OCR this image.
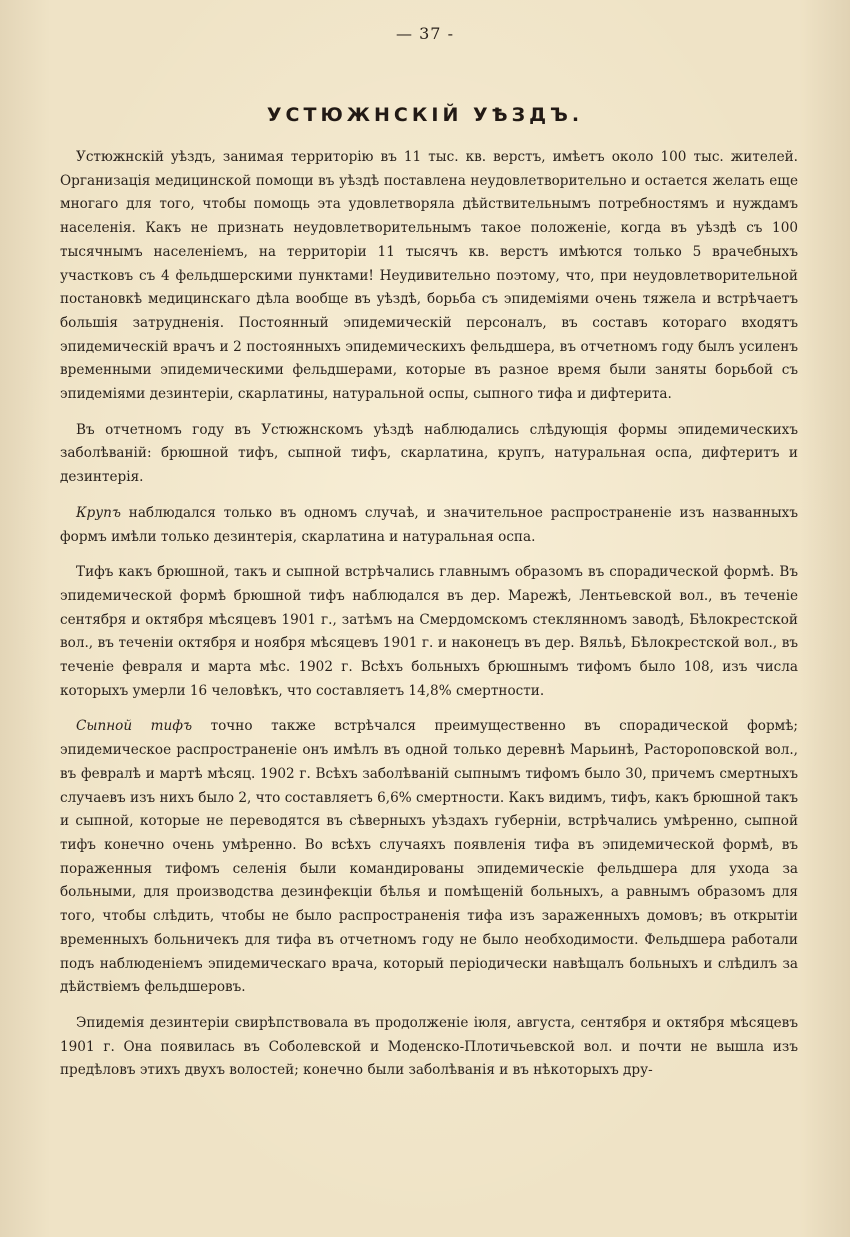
— 37 -
УСТЮЖНСКІЙ УѢЗДЪ.

Устюжнскій уѣздъ, занимая территорію въ 11 тыс. кв. верстъ, имѣетъ около 100 тыс. жителей. Организація медицинской помощи въ уѣздѣ поставлена неудовлетворительно и остается желать еще многаго для того, чтобы помощь эта удовлетворяла дѣйствительнымъ потребностямъ и нуждамъ населенія. Какъ не признать неудовлетворительнымъ такое положеніе, когда въ уѣздѣ съ 100 тысячнымъ населеніемъ, на территоріи 11 тысячъ кв. верстъ имѣются только 5 врачебныхъ участковъ съ 4 фельдшерскими пунктами! Неудивительно поэтому, что, при неудовлетворительной постановкѣ медицинскаго дѣла вообще въ уѣздѣ, борьба съ эпидеміями очень тяжела и встрѣчаетъ большія затрудненія. Постоянный эпидемическій персоналъ, въ составъ котораго входятъ эпидемическій врачъ и 2 постоянныхъ эпидемическихъ фельдшера, въ отчетномъ году былъ усиленъ временными эпидемическими фельдшерами, которые въ разное время были заняты борьбой съ эпидеміями дезинтеріи, скарлатины, натуральной оспы, сыпного тифа и дифтерита.

Въ отчетномъ году въ Устюжнскомъ уѣздѣ наблюдались слѣдующія формы эпидемическихъ заболѣваній: брюшной тифъ, сыпной тифъ, скарлатина, крупъ, натуральная оспа, дифтеритъ и дезинтерія.

Крупъ наблюдался только въ одномъ случаѣ, и значительное распространеніе изъ названныхъ формъ имѣли только дезинтерія, скарлатина и натуральная оспа.

Тифъ какъ брюшной, такъ и сыпной встрѣчались главнымъ образомъ въ спорадической формѣ. Въ эпидемической формѣ брюшной тифъ наблюдался въ дер. Марежѣ, Лентьевской вол., въ теченіе сентября и октября мѣсяцевъ 1901 г., затѣмъ на Смердомскомъ стеклянномъ заводѣ, Бѣлокрестской вол., въ теченіи октября и ноября мѣсяцевъ 1901 г. и наконецъ въ дер. Вяльѣ, Бѣлокрестской вол., въ теченіе февраля и марта мѣс. 1902 г. Всѣхъ больныхъ брюшнымъ тифомъ было 108, изъ числа которыхъ умерли 16 человѣкъ, что составляетъ 14,8% смертности.

Сыпной тифъ точно также встрѣчался преимущественно въ спорадической формѣ; эпидемическое распространеніе онъ имѣлъ въ одной только деревнѣ Марьинѣ, Растороповской вол., въ февралѣ и мартѣ мѣсяц. 1902 г. Всѣхъ заболѣваній сыпнымъ тифомъ было 30, причемъ смертныхъ случаевъ изъ нихъ было 2, что составляетъ 6,6% смертности. Какъ видимъ, тифъ, какъ брюшной такъ и сыпной, которые не переводятся въ сѣверныхъ уѣздахъ губерніи, встрѣчались умѣренно, сыпной тифъ конечно очень умѣренно. Во всѣхъ случаяхъ появленія тифа въ эпидемической формѣ, въ пораженныя тифомъ селенія были командированы эпидемическіе фельдшера для ухода за больными, для производства дезинфекціи бѣлья и помѣщеній больныхъ, а равнымъ образомъ для того, чтобы слѣдить, чтобы не было распространенія тифа изъ зараженныхъ домовъ; въ открытіи временныхъ больничекъ для тифа въ отчетномъ году не было необходимости. Фельдшера работали подъ наблюденіемъ эпидемическаго врача, который періодически навѣщалъ больныхъ и слѣдилъ за дѣйствіемъ фельдшеровъ.

Эпидемія дезинтеріи свирѣпствовала въ продолженіе іюля, августа, сентября и октября мѣсяцевъ 1901 г. Она появилась въ Соболевской и Моденско-Плотичьевской вол. и почти не вышла изъ предѣловъ этихъ двухъ волостей; конечно были заболѣванія и въ нѣкоторыхъ дру-
